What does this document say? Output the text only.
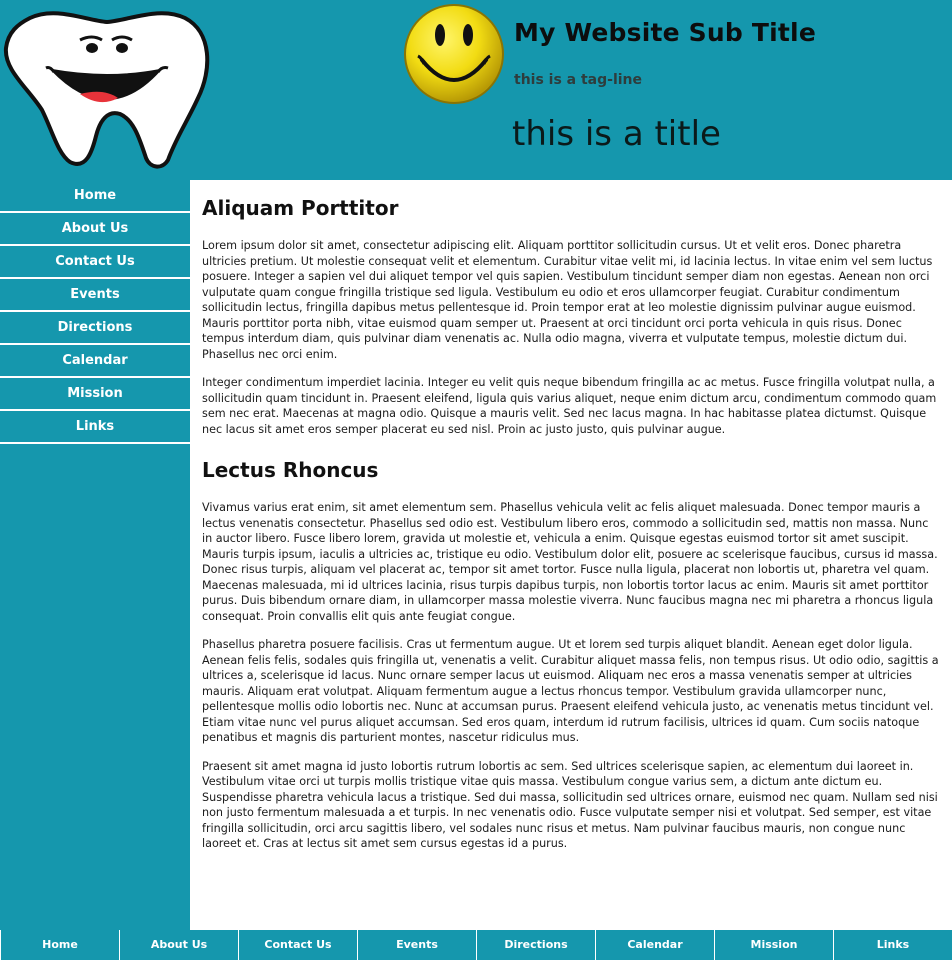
My Website Sub Title

this is a tag-line

this is a title
Home
About Us
Contact Us
Events
Directions
Calendar
Mission
Links
Aliquam Porttitor

Lorem ipsum dolor sit amet, consectetur adipiscing elit. Aliquam porttitor sollicitudin cursus. Ut et velit eros. Donec pharetra ultricies pretium. Ut molestie consequat velit et elementum. Curabitur vitae velit mi, id lacinia lectus. In vitae enim vel sem luctus posuere. Integer a sapien vel dui aliquet tempor vel quis sapien. Vestibulum tincidunt semper diam non egestas. Aenean non orci vulputate quam congue fringilla tristique sed ligula. Vestibulum eu odio et eros ullamcorper feugiat. Curabitur condimentum sollicitudin lectus, fringilla dapibus metus pellentesque id. Proin tempor erat at leo molestie dignissim pulvinar augue euismod. Mauris porttitor porta nibh, vitae euismod quam semper ut. Praesent at orci tincidunt orci porta vehicula in quis risus. Donec tempus interdum diam, quis pulvinar diam venenatis ac. Nulla odio magna, viverra et vulputate tempus, molestie dictum dui. Phasellus nec orci enim.

Integer condimentum imperdiet lacinia. Integer eu velit quis neque bibendum fringilla ac ac metus. Fusce fringilla volutpat nulla, a sollicitudin quam tincidunt in. Praesent eleifend, ligula quis varius aliquet, neque enim dictum arcu, condimentum commodo quam sem nec erat. Maecenas at magna odio. Quisque a mauris velit. Sed nec lacus magna. In hac habitasse platea dictumst. Quisque nec lacus sit amet eros semper placerat eu sed nisl. Proin ac justo justo, quis pulvinar augue.

Lectus Rhoncus

Vivamus varius erat enim, sit amet elementum sem. Phasellus vehicula velit ac felis aliquet malesuada. Donec tempor mauris a lectus venenatis consectetur. Phasellus sed odio est. Vestibulum libero eros, commodo a sollicitudin sed, mattis non massa. Nunc in auctor libero. Fusce libero lorem, gravida ut molestie et, vehicula a enim. Quisque egestas euismod tortor sit amet suscipit. Mauris turpis ipsum, iaculis a ultricies ac, tristique eu odio. Vestibulum dolor elit, posuere ac scelerisque faucibus, cursus id massa. Donec risus turpis, aliquam vel placerat ac, tempor sit amet tortor. Fusce nulla ligula, placerat non lobortis ut, pharetra vel quam. Maecenas malesuada, mi id ultrices lacinia, risus turpis dapibus turpis, non lobortis tortor lacus ac enim. Mauris sit amet porttitor purus. Duis bibendum ornare diam, in ullamcorper massa molestie viverra. Nunc faucibus magna nec mi pharetra a rhoncus ligula consequat. Proin convallis elit quis ante feugiat congue.

Phasellus pharetra posuere facilisis. Cras ut fermentum augue. Ut et lorem sed turpis aliquet blandit. Aenean eget dolor ligula. Aenean felis felis, sodales quis fringilla ut, venenatis a velit. Curabitur aliquet massa felis, non tempus risus. Ut odio odio, sagittis a ultrices a, scelerisque id lacus. Nunc ornare semper lacus ut euismod. Aliquam nec eros a massa venenatis semper at ultricies mauris. Aliquam erat volutpat. Aliquam fermentum augue a lectus rhoncus tempor. Vestibulum gravida ullamcorper nunc, pellentesque mollis odio lobortis nec. Nunc at accumsan purus. Praesent eleifend vehicula justo, ac venenatis metus tincidunt vel. Etiam vitae nunc vel purus aliquet accumsan. Sed eros quam, interdum id rutrum facilisis, ultrices id quam. Cum sociis natoque penatibus et magnis dis parturient montes, nascetur ridiculus mus.

Praesent sit amet magna id justo lobortis rutrum lobortis ac sem. Sed ultrices scelerisque sapien, ac elementum dui laoreet in. Vestibulum vitae orci ut turpis mollis tristique vitae quis massa. Vestibulum congue varius sem, a dictum ante dictum eu. Suspendisse pharetra vehicula lacus a tristique. Sed dui massa, sollicitudin sed ultrices ornare, euismod nec quam. Nullam sed nisi non justo fermentum malesuada a et turpis. In nec venenatis odio. Fusce vulputate semper nisi et volutpat. Sed semper, est vitae fringilla sollicitudin, orci arcu sagittis libero, vel sodales nunc risus et metus. Nam pulvinar faucibus mauris, non congue nunc laoreet et. Cras at lectus sit amet sem cursus egestas id a purus.

Home	About Us	Contact Us	Events	Directions	Calendar	Mission	Links
